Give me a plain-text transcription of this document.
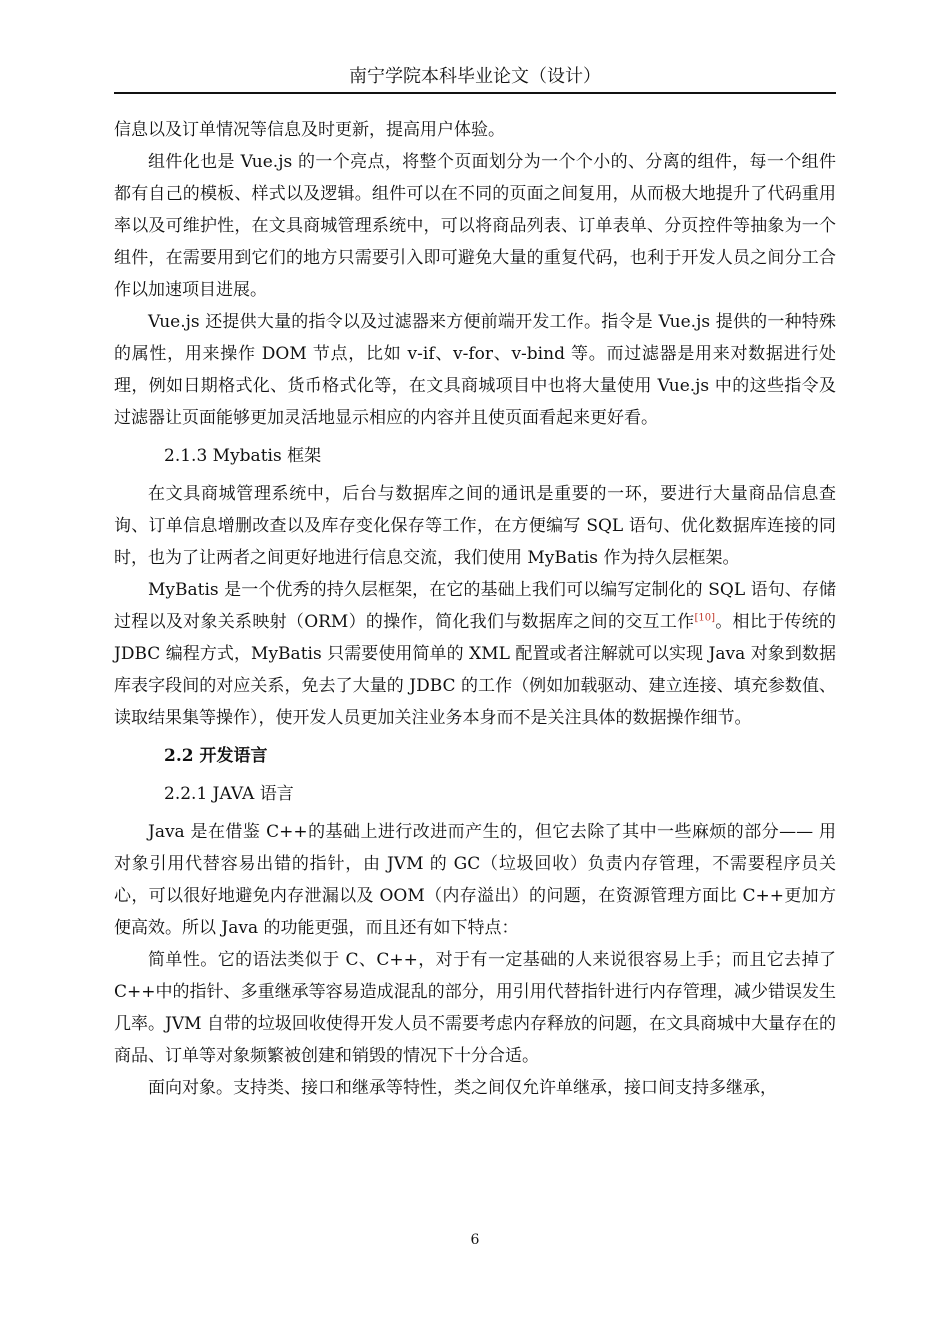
南宁学院本科毕业论文（设计）

信息以及订单情况等信息及时更新，提高用户体验。

组件化也是 Vue.js 的一个亮点，将整个页面划分为一个个小的、分离的组件，每一个组件都有自己的模板、样式以及逻辑。组件可以在不同的页面之间复用，从而极大地提升了代码重用率以及可维护性，在文具商城管理系统中，可以将商品列表、订单表单、分页控件等抽象为一个组件，在需要用到它们的地方只需要引入即可避免大量的重复代码，也利于开发人员之间分工合作以加速项目进展。

Vue.js 还提供大量的指令以及过滤器来方便前端开发工作。指令是 Vue.js 提供的一种特殊的属性，用来操作 DOM 节点，比如 v-if、v-for、v-bind 等。而过滤器是用来对数据进行处理，例如日期格式化、货币格式化等，在文具商城项目中也将大量使用 Vue.js 中的这些指令及过滤器让页面能够更加灵活地显示相应的内容并且使页面看起来更好看。

2.1.3 Mybatis 框架

在文具商城管理系统中，后台与数据库之间的通讯是重要的一环，要进行大量商品信息查询、订单信息增删改查以及库存变化保存等工作，在方便编写 SQL 语句、优化数据库连接的同时，也为了让两者之间更好地进行信息交流，我们使用 MyBatis 作为持久层框架。

MyBatis 是一个优秀的持久层框架，在它的基础上我们可以编写定制化的 SQL 语句、存储过程以及对象关系映射（ORM）的操作，简化我们与数据库之间的交互工作[10]。相比于传统的 JDBC 编程方式，MyBatis 只需要使用简单的 XML 配置或者注解就可以实现 Java 对象到数据库表字段间的对应关系，免去了大量的 JDBC 的工作（例如加载驱动、建立连接、填充参数值、读取结果集等操作），使开发人员更加关注业务本身而不是关注具体的数据操作细节。

2.2 开发语言
2.2.1 JAVA 语言

Java 是在借鉴 C++的基础上进行改进而产生的，但它去除了其中一些麻烦的部分—— 用对象引用代替容易出错的指针，由 JVM 的 GC（垃圾回收）负责内存管理，不需要程序员关心，可以很好地避免内存泄漏以及 OOM（内存溢出）的问题，在资源管理方面比 C++更加方便高效。所以 Java 的功能更强，而且还有如下特点：

简单性。它的语法类似于 C、C++，对于有一定基础的人来说很容易上手；而且它去掉了 C++中的指针、多重继承等容易造成混乱的部分，用引用代替指针进行内存管理，减少错误发生几率。JVM 自带的垃圾回收使得开发人员不需要考虑内存释放的问题，在文具商城中大量存在的商品、订单等对象频繁被创建和销毁的情况下十分合适。

面向对象。支持类、接口和继承等特性，类之间仅允许单继承，接口间支持多继承，

6
